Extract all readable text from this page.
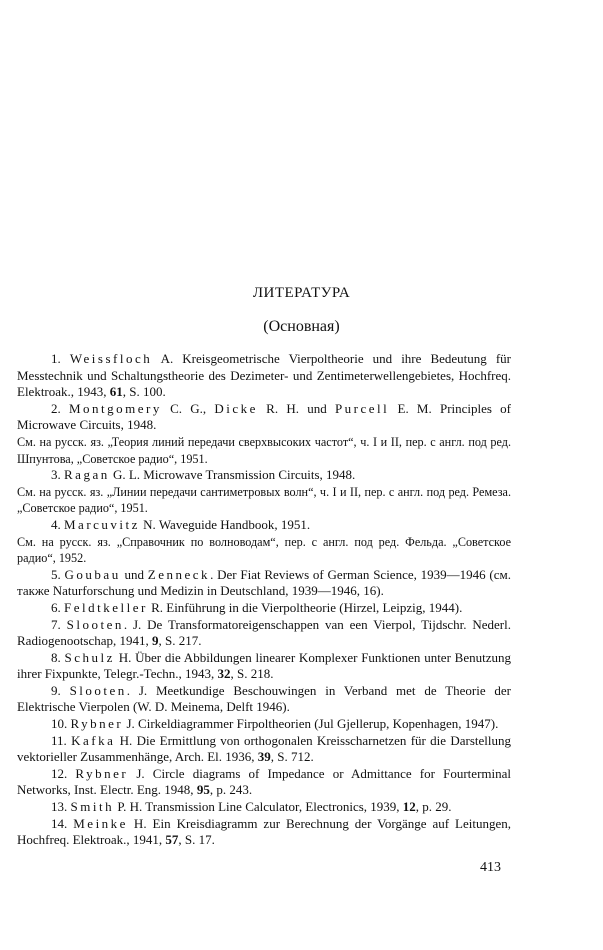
ЛИТЕРАТУРА
(Основная)

1. Weissfloch A. Kreisgeometrische Vierpoltheorie und ihre Bedeutung für Messtechnik und Schaltungstheorie des Dezimeter- und Zentimeterwellengebietes, Hochfreq. Elektroak., 1943, 61, S. 100.

2. Montgomery C. G., Dicke R. H. und Purcell E. M. Principles of Microwave Circuits, 1948.

См. на русск. яз. „Теория линий передачи сверхвысоких частот“, ч. I и II, пер. с англ. под ред. Шпунтова, „Советское радио“, 1951.

3. Ragan G. L. Microwave Transmission Circuits, 1948.

См. на русск. яз. „Линии передачи сантиметровых волн“, ч. I и II, пер. с англ. под ред. Ремеза. „Советское радио“, 1951.

4. Marcuvitz N. Waveguide Handbook, 1951.

См. на русск. яз. „Справочник по волноводам“, пер. с англ. под ред. Фельда. „Советское радио“, 1952.

5. Goubau und Zenneck. Der Fiat Reviews of German Science, 1939—1946 (см. также Naturforschung und Medizin in Deutschland, 1939—1946, 16).

6. Feldtkeller R. Einführung in die Vierpoltheorie (Hirzel, Leipzig, 1944).

7. Slooten. J. De Transformatoreigenschappen van een Vierpol, Tijdschr. Nederl. Radiogenootschap, 1941, 9, S. 217.

8. Schulz H. Über die Abbildungen linearer Komplexer Funktionen unter Benutzung ihrer Fixpunkte, Telegr.-Techn., 1943, 32, S. 218.

9. Slooten. J. Meetkundige Beschouwingen in Verband met de Theorie der Elektrische Vierpolen (W. D. Meinema, Delft 1946).

10. Rybner J. Cirkeldiagrammer Firpoltheorien (Jul Gjellerup, Kopenhagen, 1947).

11. Kafka H. Die Ermittlung von orthogonalen Kreisscharnetzen für die Darstellung vektorieller Zusammenhänge, Arch. El. 1936, 39, S. 712.

12. Rybner J. Circle diagrams of Impedance or Admittance for Fourterminal Networks, Inst. Electr. Eng. 1948, 95, p. 243.

13. Smith P. H. Transmission Line Calculator, Electronics, 1939, 12, p. 29.

14. Meinke H. Ein Kreisdiagramm zur Berechnung der Vorgänge auf Leitungen, Hochfreq. Elektroak., 1941, 57, S. 17.

413
